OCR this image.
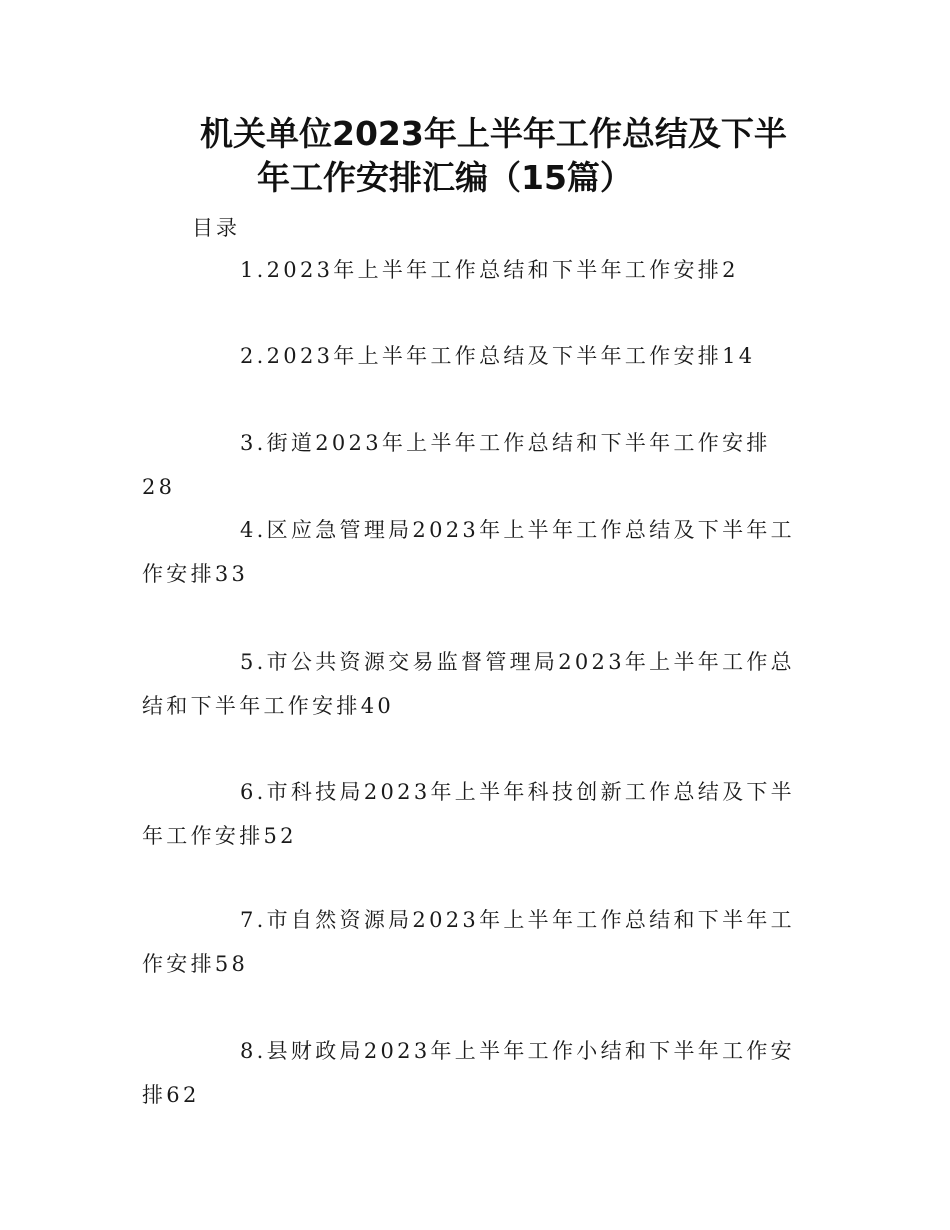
机关单位2023年上半年工作总结及下半
年工作安排汇编（15篇）
目录
1.2023年上半年工作总结和下半年工作安排2
2.2023年上半年工作总结及下半年工作安排14
3.街道2023年上半年工作总结和下半年工作安排28
4.区应急管理局2023年上半年工作总结及下半年工作安排33
5.市公共资源交易监督管理局2023年上半年工作总结和下半年工作安排40
6.市科技局2023年上半年科技创新工作总结及下半年工作安排52
7.市自然资源局2023年上半年工作总结和下半年工作安排58
8.县财政局2023年上半年工作小结和下半年工作安排62
